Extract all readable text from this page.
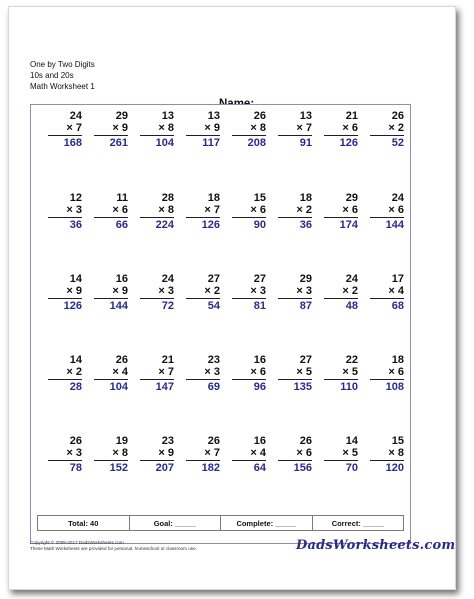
One by Two Digits
10s and 20s
Math Worksheet 1
24
× 7
168
29
× 9
261
13
× 8
104
13
× 9
117
26
× 8
208
13
× 7
91
21
× 6
126
26
× 2
52
12
× 3
36
11
× 6
66
28
× 8
224
18
× 7
126
15
× 6
90
18
× 2
36
29
× 6
174
24
× 6
144
14
× 9
126
16
× 9
144
24
× 3
72
27
× 2
54
27
× 3
81
29
× 3
87
24
× 2
48
17
× 4
68
14
× 2
28
26
× 4
104
21
× 7
147
23
× 3
69
16
× 6
96
27
× 5
135
22
× 5
110
18
× 6
108
26
× 3
78
19
× 8
152
23
× 9
207
26
× 7
182
16
× 4
64
26
× 6
156
14
× 5
70
15
× 8
120
Total: 40	Goal: _____	Complete: _____	Correct: _____
Copyright © 2008-2017 DadsWorksheets.com
These Math Worksheets are provided for personal, homeschool or classroom use.	DadsWorksheets.com
